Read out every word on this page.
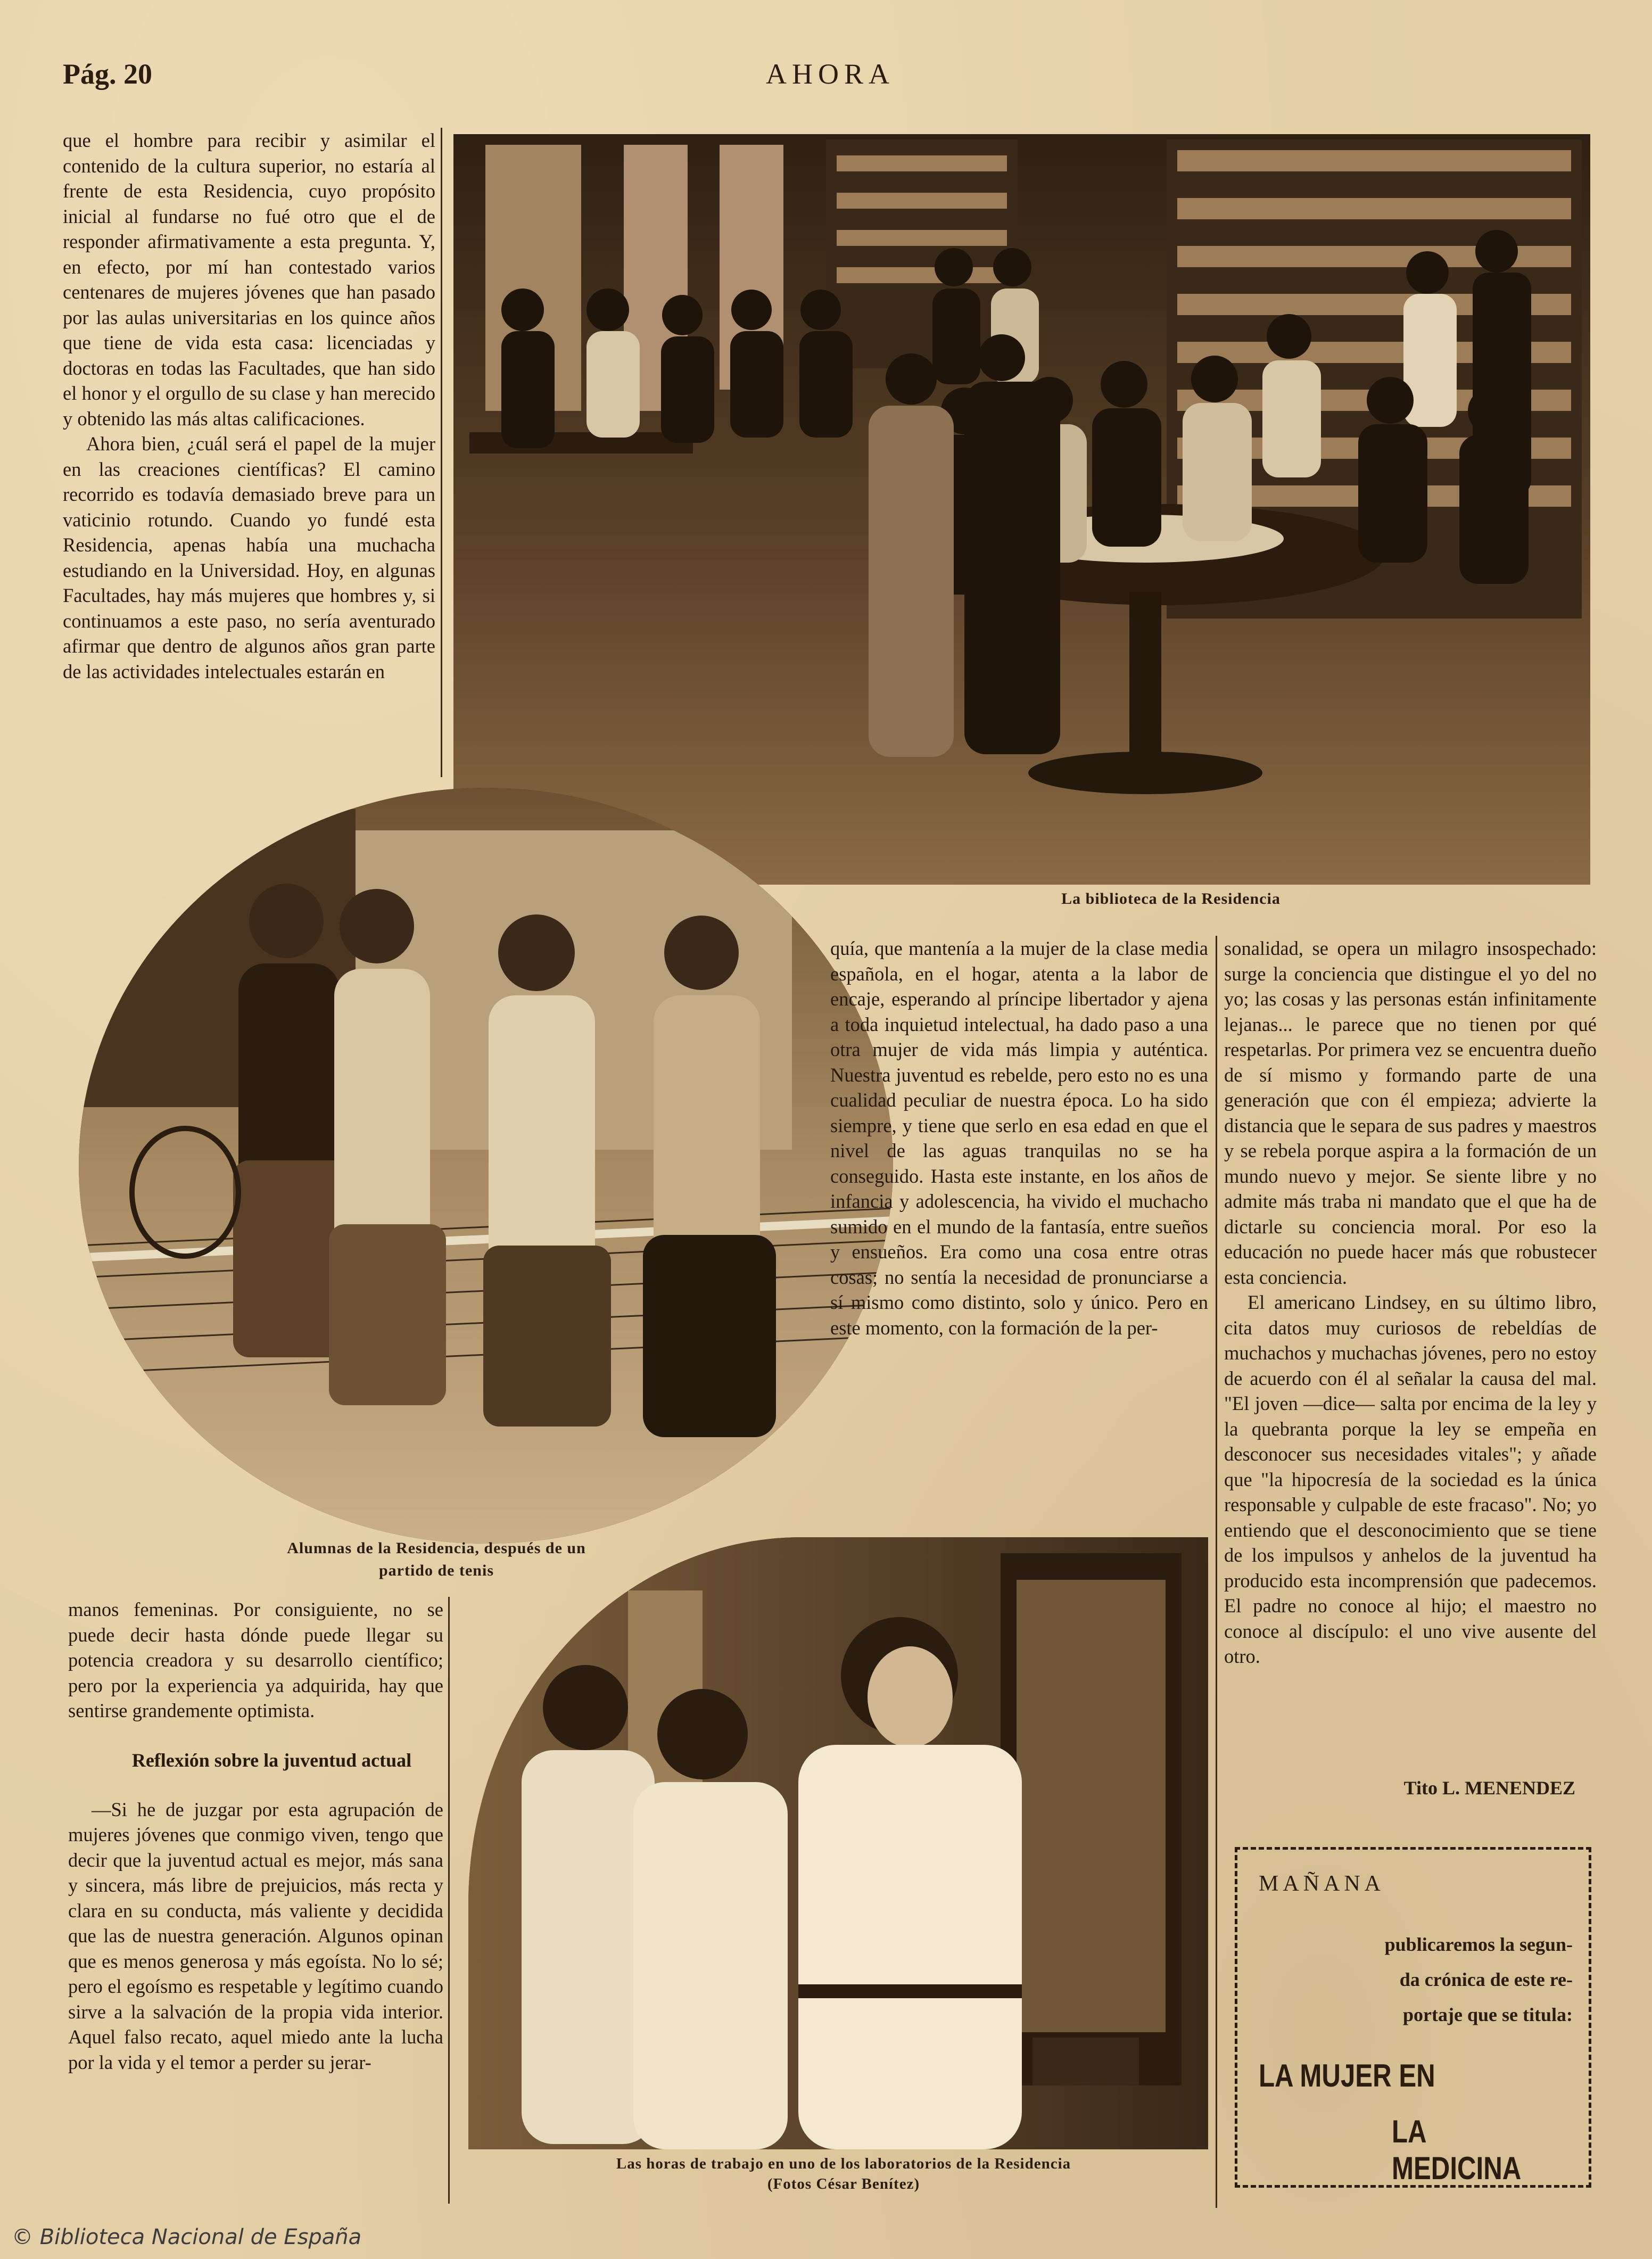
Pág. 20	AHORA

que el hombre para recibir y asimilar el contenido de la cultura superior, no estaría al frente de esta Residencia, cuyo propósito inicial al fundarse no fué otro que el de responder afirmativamente a esta pregunta. Y, en efecto, por mí han contestado varios centenares de mujeres jóvenes que han pasado por las aulas universitarias en los quince años que tiene de vida esta casa: licenciadas y doctoras en todas las Facultades, que han sido el honor y el orgullo de su clase y han merecido y obtenido las más altas calificaciones.

Ahora bien, ¿cuál será el papel de la mujer en las creaciones científicas? El camino recorrido es todavía demasiado breve para un vaticinio rotundo. Cuando yo fundé esta Residencia, apenas había una muchacha estudiando en la Universidad. Hoy, en algunas Facultades, hay más mujeres que hombres y, si continuamos a este paso, no sería aventurado afirmar que dentro de algunos años gran parte de las actividades intelectuales estarán en

La biblioteca de la Residencia
Alumnas de la Residencia, después de un
partido de tenis

quía, que mantenía a la mujer de la clase media española, en el hogar, atenta a la labor de encaje, esperando al príncipe libertador y ajena a toda inquietud intelectual, ha dado paso a una otra mujer de vida más limpia y auténtica. Nuestra juventud es rebelde, pero esto no es una cualidad peculiar de nuestra época. Lo ha sido siempre, y tiene que serlo en esa edad en que el nivel de las aguas tranquilas no se ha conseguido. Hasta este instante, en los años de infancia y adolescencia, ha vivido el muchacho sumido en el mundo de la fantasía, entre sueños y ensueños. Era como una cosa entre otras cosas; no sentía la necesidad de pronunciarse a sí mismo como distinto, solo y único. Pero en este momento, con la formación de la per-

sonalidad, se opera un milagro insospechado: surge la conciencia que distingue el yo del no yo; las cosas y las personas están infinitamente lejanas... le parece que no tienen por qué respetarlas. Por primera vez se encuentra dueño de sí mismo y formando parte de una generación que con él empieza; advierte la distancia que le separa de sus padres y maestros y se rebela porque aspira a la formación de un mundo nuevo y mejor. Se siente libre y no admite más traba ni mandato que el que ha de dictarle su conciencia moral. Por eso la educación no puede hacer más que robustecer esta conciencia.

El americano Lindsey, en su último libro, cita datos muy curiosos de rebeldías de muchachos y muchachas jóvenes, pero no estoy de acuerdo con él al señalar la causa del mal. "El joven —dice— salta por encima de la ley y la quebranta porque la ley se empeña en desconocer sus necesidades vitales"; y añade que "la hipocresía de la sociedad es la única responsable y culpable de este fracaso". No; yo entiendo que el desconocimiento que se tiene de los impulsos y anhelos de la juventud ha producido esta incomprensión que padecemos. El padre no conoce al hijo; el maestro no conoce al discípulo: el uno vive ausente del otro.

Tito L. MENENDEZ
MAÑANA
publicaremos la segun-
da crónica de este re-
portaje que se titula:
LA MUJER EN
LA MEDICINA

manos femeninas. Por consiguiente, no se puede decir hasta dónde puede llegar su potencia creadora y su desarrollo científico; pero por la experiencia ya adquirida, hay que sentirse grandemente optimista.

Reflexión sobre la juventud actual

—Si he de juzgar por esta agrupación de mujeres jóvenes que conmigo viven, tengo que decir que la juventud actual es mejor, más sana y sincera, más libre de prejuicios, más recta y clara en su conducta, más valiente y decidida que las de nuestra generación. Algunos opinan que es menos generosa y más egoísta. No lo sé; pero el egoísmo es respetable y legítimo cuando sirve a la salvación de la propia vida interior. Aquel falso recato, aquel miedo ante la lucha por la vida y el temor a perder su jerar-

Las horas de trabajo en uno de los laboratorios de la Residencia
(Fotos César Benítez)
© Biblioteca Nacional de España
